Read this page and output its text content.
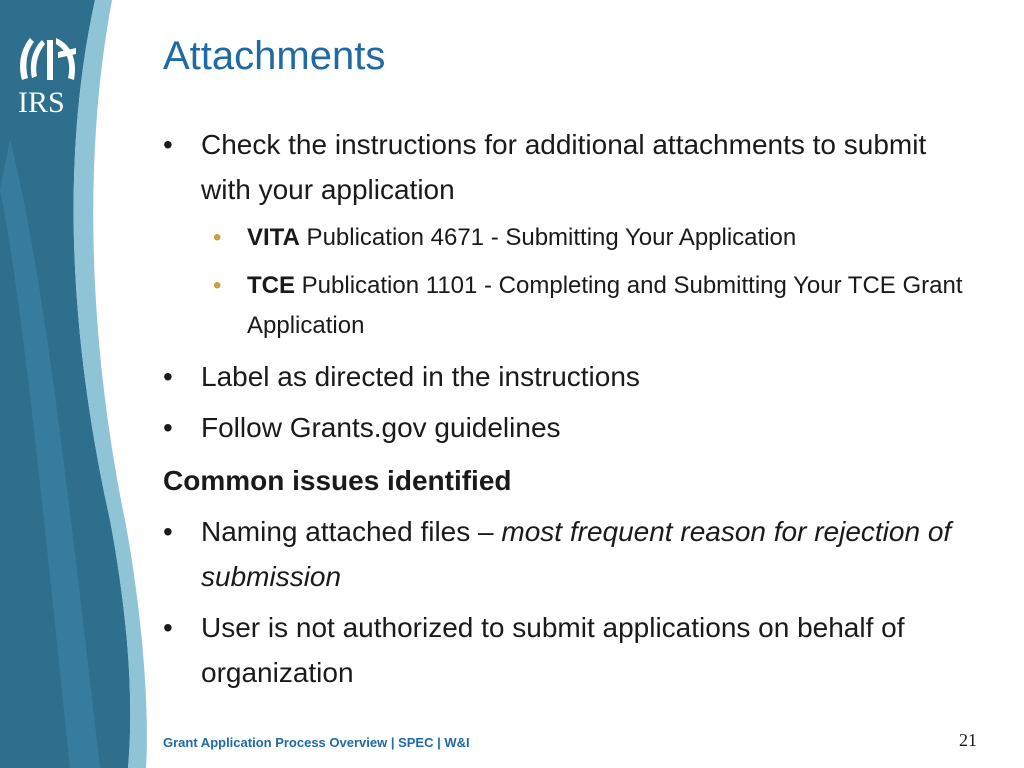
IRS
Attachments
• Check the instructions for additional attachments to submit with your application
• VITA Publication 4671 - Submitting Your Application
• TCE Publication 1101 - Completing and Submitting Your TCE Grant Application
• Label as directed in the instructions
• Follow Grants.gov guidelines
Common issues identified
• Naming attached files – most frequent reason for rejection of submission
• User is not authorized to submit applications on behalf of organization
Grant Application Process Overview | SPEC | W&I	21
